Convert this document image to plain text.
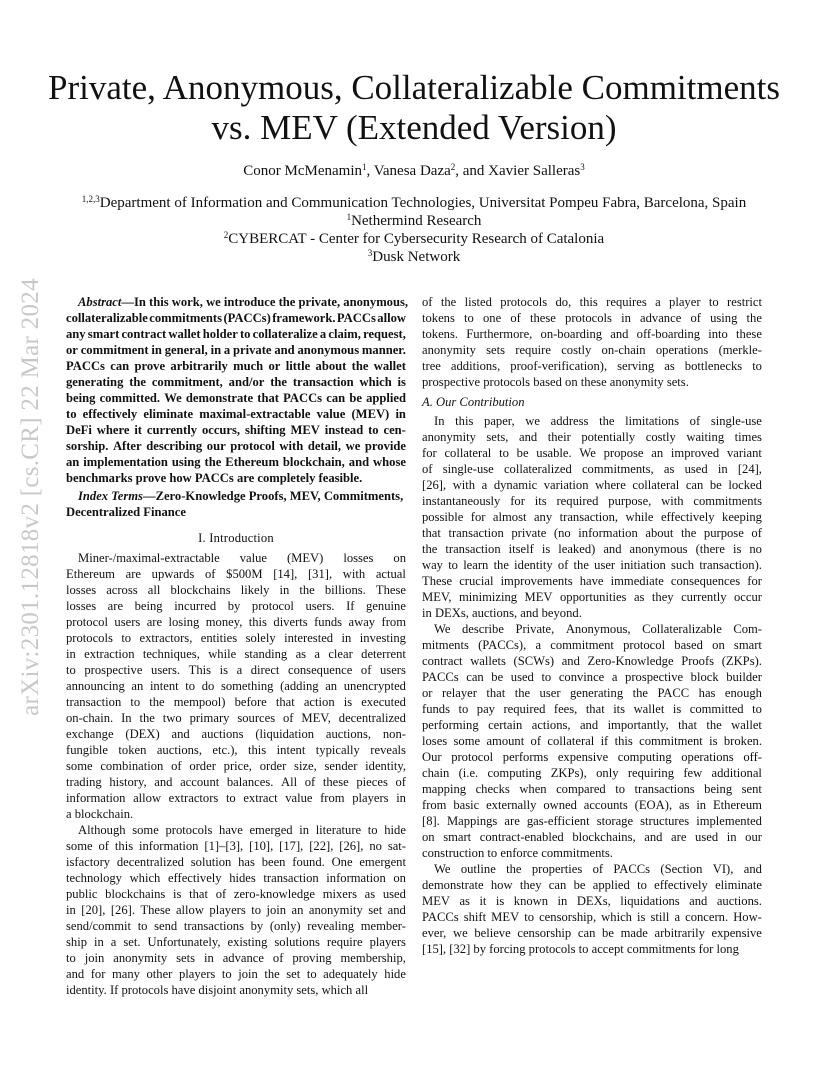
arXiv:2301.12818v2 [cs.CR] 22 Mar 2024
Private, Anonymous, Collateralizable Commitments
vs. MEV (Extended Version)
Conor McMenamin$^1$, Vanesa Daza$^2$, and Xavier Salleras$^3$
$^{1,2,3}$Department of Information and Communication Technologies, Universitat Pompeu Fabra, Barcelona, Spain
$^1$Nethermind Research
$^2$CYBERCAT - Center for Cybersecurity Research of Catalonia
$^3$Dusk Network
Abstract — In this work, we introduce the private, anonymous,
collateralizable commitments (PACCs) framework. PACCs allow
any smart contract wallet holder to collateralize a claim, request,
or commitment in general, in a private and anonymous manner.
PACCs can prove arbitrarily much or little about the wallet
generating the commitment, and/or the transaction which is
being committed. We demonstrate that PACCs can be applied
to effectively eliminate maximal-extractable value (MEV) in
DeFi where it currently occurs, shifting MEV instead to cen-
sorship. After describing our protocol with detail, we provide
an implementation using the Ethereum blockchain, and whose
benchmarks prove how PACCs are completely feasible.
Index Terms — Zero-Knowledge Proofs, MEV, Commitments,
Decentralized Finance
I. Introduction
Miner-/maximal-extractable value (MEV) losses on
Ethereum are upwards of $500M [14], [31], with actual
losses across all blockchains likely in the billions. These
losses are being incurred by protocol users. If genuine
protocol users are losing money, this diverts funds away from
protocols to extractors, entities solely interested in investing
in extraction techniques, while standing as a clear deterrent
to prospective users. This is a direct consequence of users
announcing an intent to do something (adding an unencrypted
transaction to the mempool) before that action is executed
on-chain. In the two primary sources of MEV, decentralized
exchange (DEX) and auctions (liquidation auctions, non-
fungible token auctions, etc.), this intent typically reveals
some combination of order price, order size, sender identity,
trading history, and account balances. All of these pieces of
information allow extractors to extract value from players in
a blockchain.
Although some protocols have emerged in literature to hide
some of this information [1]–[3], [10], [17], [22], [26], no sat-
isfactory decentralized solution has been found. One emergent
technology which effectively hides transaction information on
public blockchains is that of zero-knowledge mixers as used
in [20], [26]. These allow players to join an anonymity set and
send/commit to send transactions by (only) revealing member-
ship in a set. Unfortunately, existing solutions require players
to join anonymity sets in advance of proving membership,
and for many other players to join the set to adequately hide
identity. If protocols have disjoint anonymity sets, which all
of the listed protocols do, this requires a player to restrict
tokens to one of these protocols in advance of using the
tokens. Furthermore, on-boarding and off-boarding into these
anonymity sets require costly on-chain operations (merkle-
tree additions, proof-verification), serving as bottlenecks to
prospective protocols based on these anonymity sets.
A. Our Contribution
In this paper, we address the limitations of single-use
anonymity sets, and their potentially costly waiting times
for collateral to be usable. We propose an improved variant
of single-use collateralized commitments, as used in [24],
[26], with a dynamic variation where collateral can be locked
instantaneously for its required purpose, with commitments
possible for almost any transaction, while effectively keeping
that transaction private (no information about the purpose of
the transaction itself is leaked) and anonymous (there is no
way to learn the identity of the user initiation such transaction).
These crucial improvements have immediate consequences for
MEV, minimizing MEV opportunities as they currently occur
in DEXs, auctions, and beyond.
We describe Private, Anonymous, Collateralizable Com-
mitments (PACCs), a commitment protocol based on smart
contract wallets (SCWs) and Zero-Knowledge Proofs (ZKPs).
PACCs can be used to convince a prospective block builder
or relayer that the user generating the PACC has enough
funds to pay required fees, that its wallet is committed to
performing certain actions, and importantly, that the wallet
loses some amount of collateral if this commitment is broken.
Our protocol performs expensive computing operations off-
chain (i.e. computing ZKPs), only requiring few additional
mapping checks when compared to transactions being sent
from basic externally owned accounts (EOA), as in Ethereum
[8]. Mappings are gas-efficient storage structures implemented
on smart contract-enabled blockchains, and are used in our
construction to enforce commitments.
We outline the properties of PACCs (Section VI), and
demonstrate how they can be applied to effectively eliminate
MEV as it is known in DEXs, liquidations and auctions.
PACCs shift MEV to censorship, which is still a concern. How-
ever, we believe censorship can be made arbitrarily expensive
[15], [32] by forcing protocols to accept commitments for long
